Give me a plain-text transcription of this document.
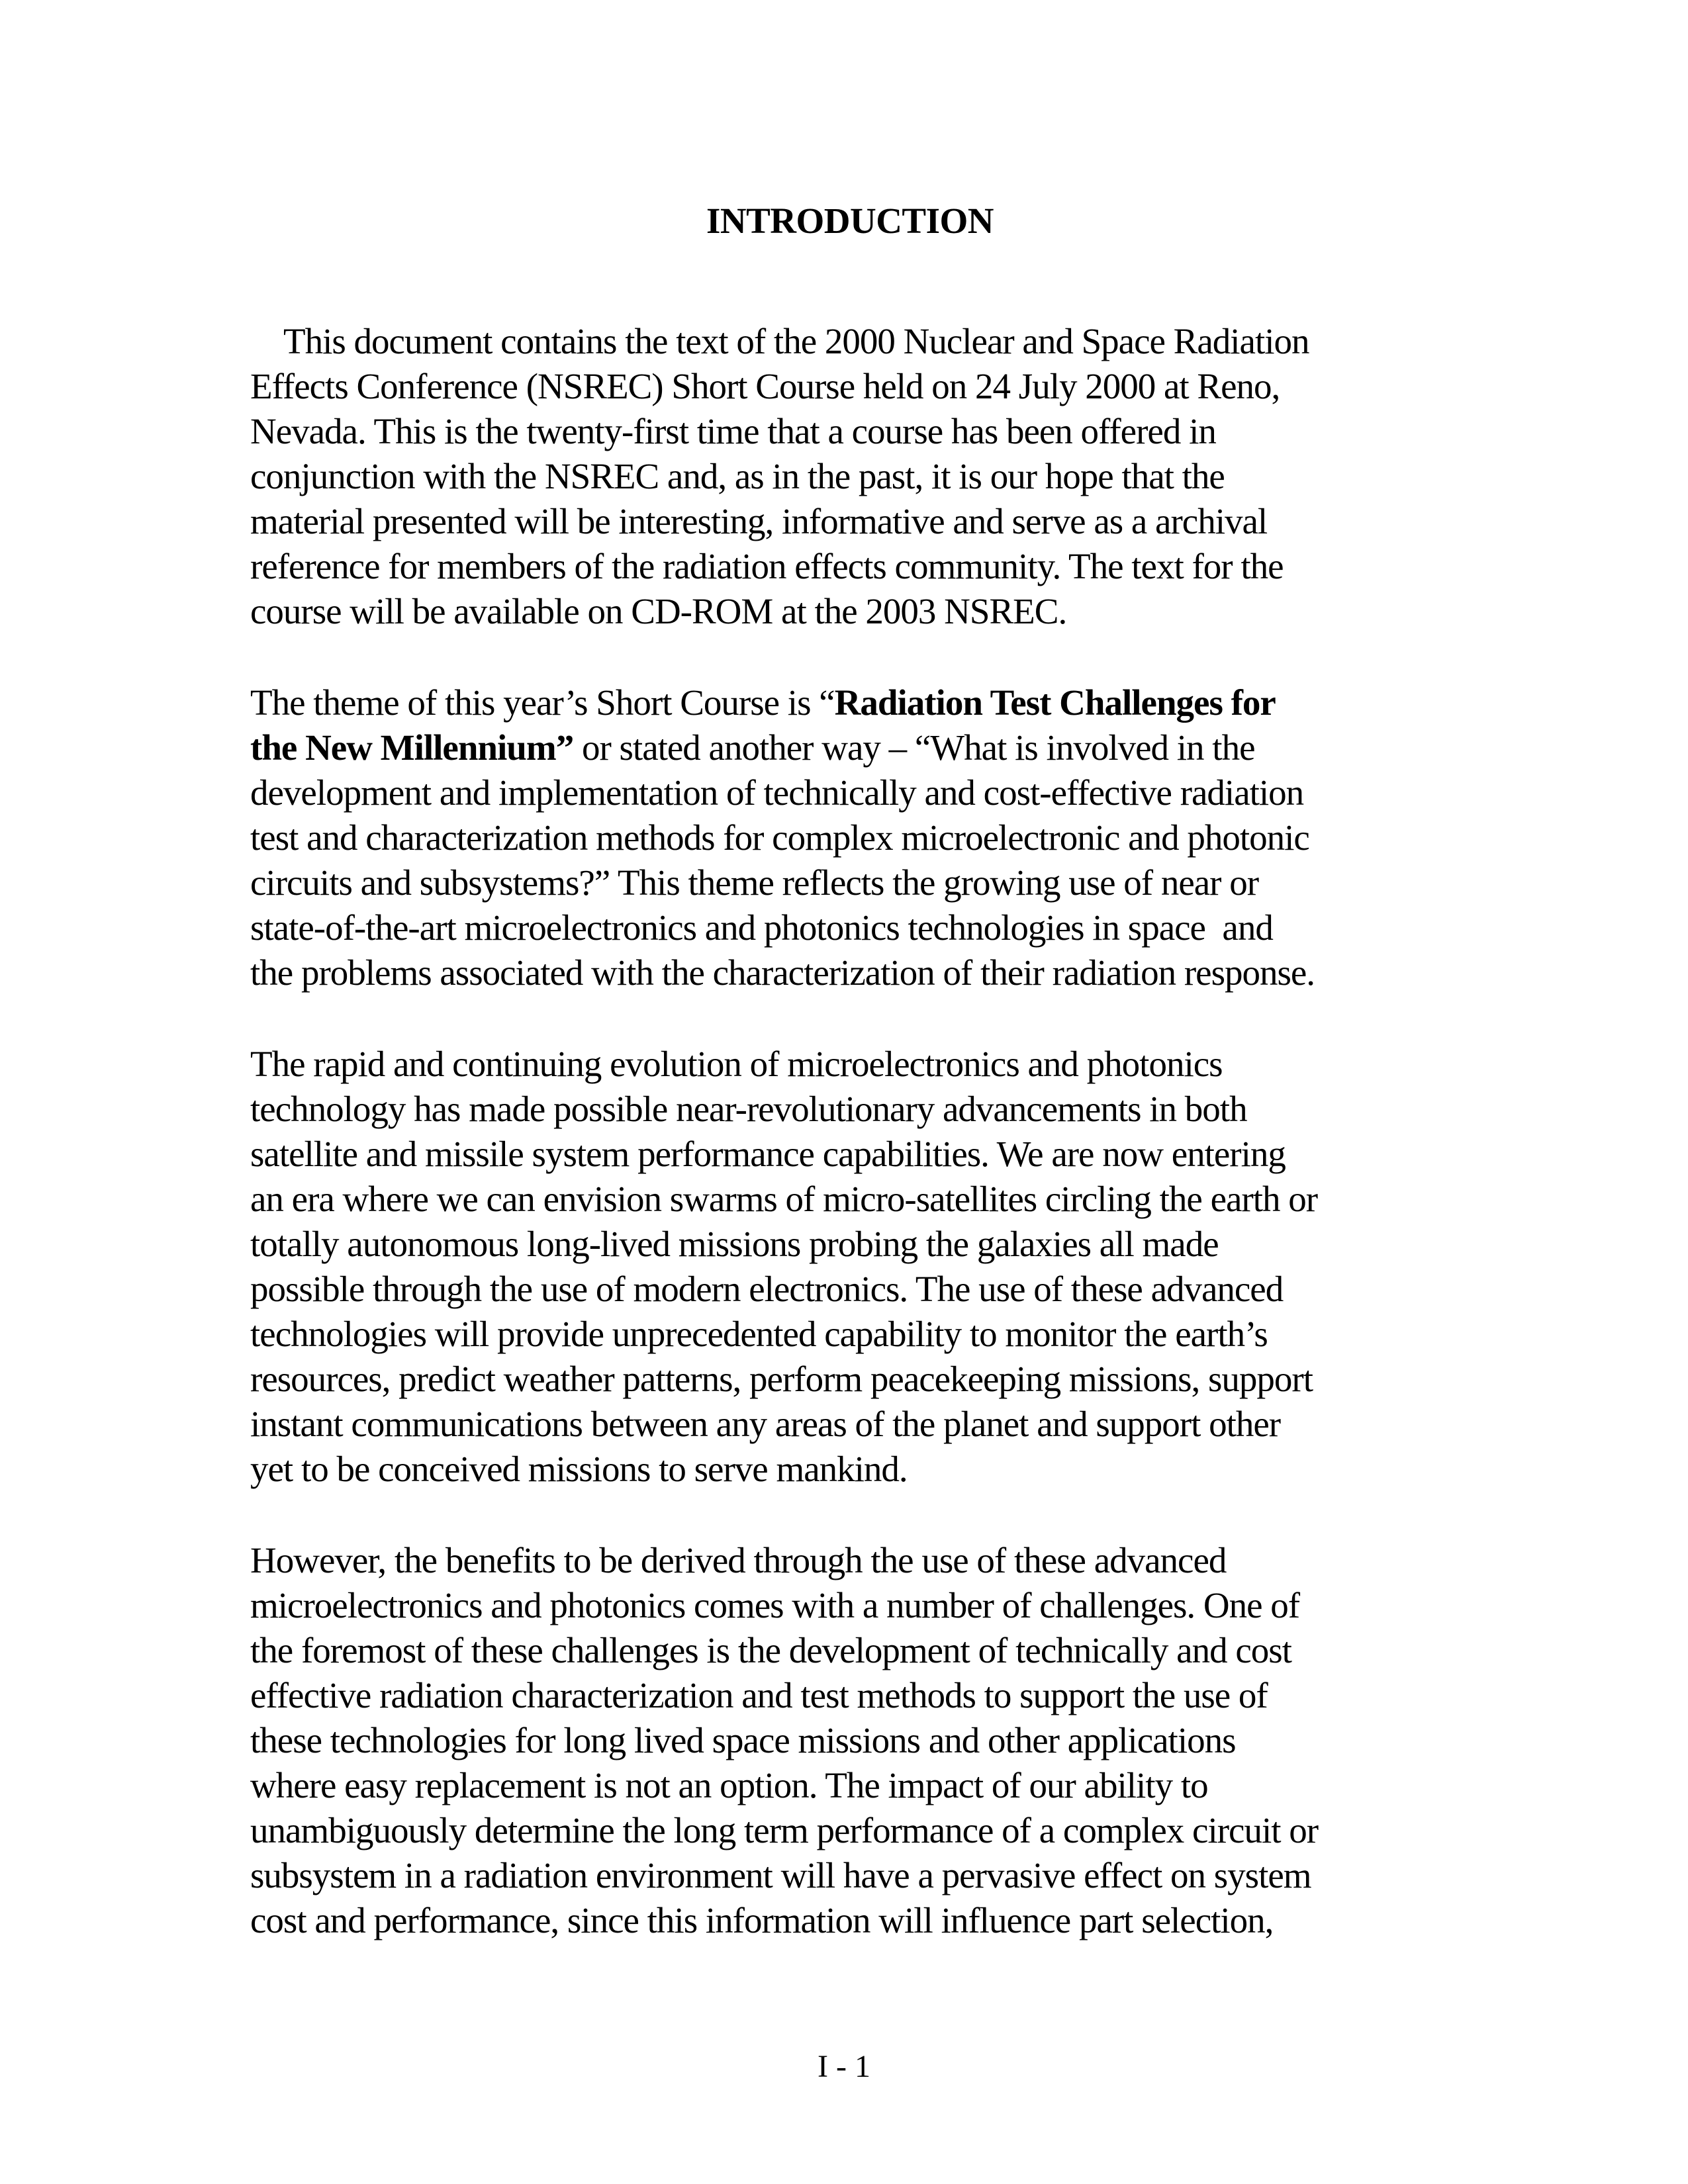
INTRODUCTION
This document contains the text of the 2000 Nuclear and Space Radiation
Effects Conference (NSREC) Short Course held on 24 July 2000 at Reno,
Nevada. This is the twenty-first time that a course has been offered in
conjunction with the NSREC and, as in the past, it is our hope that the
material presented will be interesting, informative and serve as a archival
reference for members of the radiation effects community. The text for the
course will be available on CD-ROM at the 2003 NSREC.
The theme of this year’s Short Course is “Radiation Test Challenges for
the New Millennium” or stated another way – “What is involved in the
development and implementation of technically and cost-effective radiation
test and characterization methods for complex microelectronic and photonic
circuits and subsystems?” This theme reflects the growing use of near or
state-of-the-art microelectronics and photonics technologies in space  and
the problems associated with the characterization of their radiation response.
The rapid and continuing evolution of microelectronics and photonics
technology has made possible near-revolutionary advancements in both
satellite and missile system performance capabilities. We are now entering
an era where we can envision swarms of micro-satellites circling the earth or
totally autonomous long-lived missions probing the galaxies all made
possible through the use of modern electronics. The use of these advanced
technologies will provide unprecedented capability to monitor the earth’s
resources, predict weather patterns, perform peacekeeping missions, support
instant communications between any areas of the planet and support other
yet to be conceived missions to serve mankind.
However, the benefits to be derived through the use of these advanced
microelectronics and photonics comes with a number of challenges. One of
the foremost of these challenges is the development of technically and cost
effective radiation characterization and test methods to support the use of
these technologies for long lived space missions and other applications
where easy replacement is not an option. The impact of our ability to
unambiguously determine the long term performance of a complex circuit or
subsystem in a radiation environment will have a pervasive effect on system
cost and performance, since this information will influence part selection,
I - 1
